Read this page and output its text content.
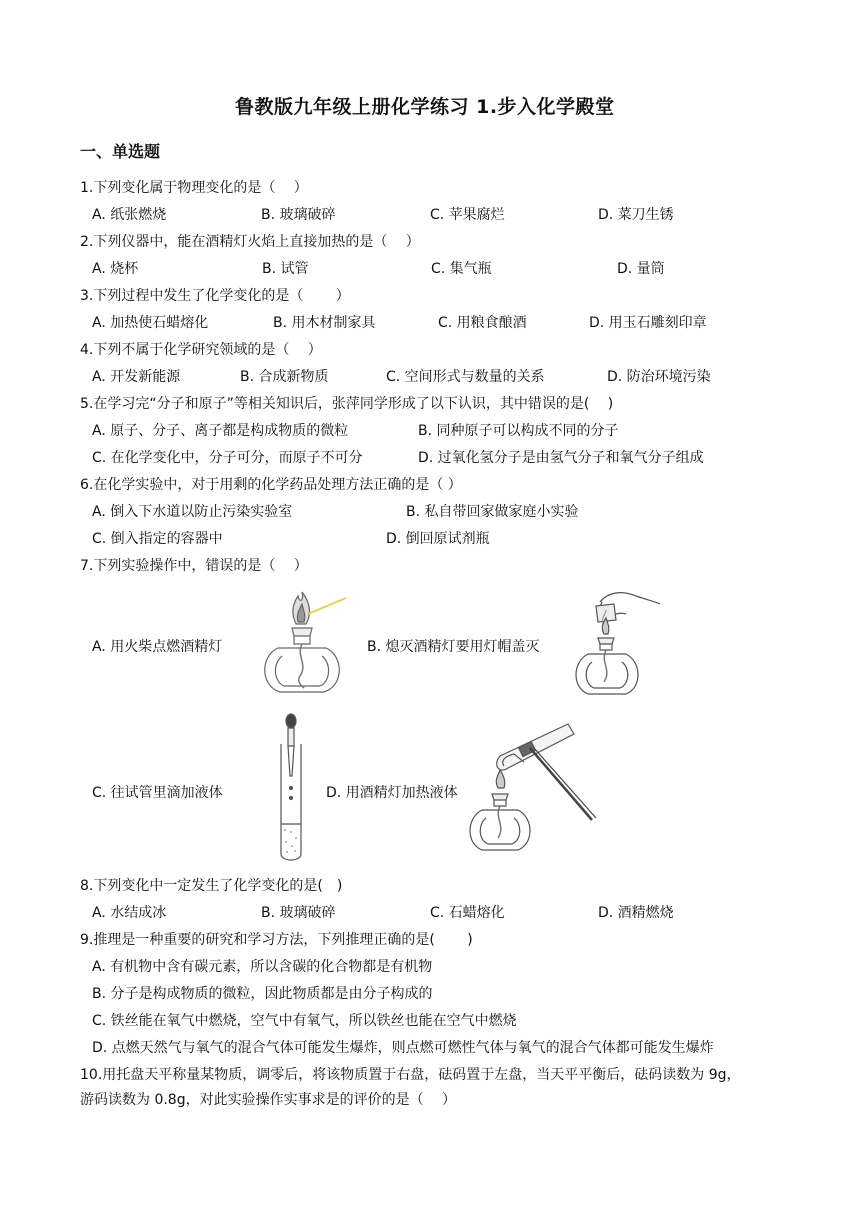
鲁教版九年级上册化学练习 1.步入化学殿堂
一、单选题
1.下列变化属于物理变化的是（　 ）
A. 纸张燃烧	B. 玻璃破碎	C. 苹果腐烂	D. 菜刀生锈
2.下列仪器中，能在酒精灯火焰上直接加热的是（　 ）
A. 烧杯	B. 试管	C. 集气瓶	D. 量筒
3.下列过程中发生了化学变化的是（　　 ）
A. 加热使石蜡熔化	B. 用木材制家具	C. 用粮食酿酒	D. 用玉石雕刻印章
4.下列不属于化学研究领域的是（　 ）
A. 开发新能源	B. 合成新物质	C. 空间形式与数量的关系	D. 防治环境污染
5.在学习完“分子和原子”等相关知识后，张萍同学形成了以下认识，其中错误的是(　 )
A. 原子、分子、离子都是构成物质的微粒	B. 同种原子可以构成不同的分子
C. 在化学变化中，分子可分，而原子不可分	D. 过氧化氢分子是由氢气分子和氧气分子组成
6.在化学实验中，对于用剩的化学药品处理方法正确的是（ ）
A. 倒入下水道以防止污染实验室	B. 私自带回家做家庭小实验
C. 倒入指定的容器中	D. 倒回原试剂瓶
7.下列实验操作中，错误的是（　 ）
A. 用火柴点燃酒精灯	B. 熄灭酒精灯要用灯帽盖灭
C. 往试管里滴加液体	D. 用酒精灯加热液体
8.下列变化中一定发生了化学变化的是(　)
A. 水结成冰	B. 玻璃破碎	C. 石蜡熔化	D. 酒精燃烧
9.推理是一种重要的研究和学习方法，下列推理正确的是(　　 )
A. 有机物中含有碳元素，所以含碳的化合物都是有机物
B. 分子是构成物质的微粒，因此物质都是由分子构成的
C. 铁丝能在氧气中燃烧，空气中有氧气，所以铁丝也能在空气中燃烧
D. 点燃天然气与氧气的混合气体可能发生爆炸，则点燃可燃性气体与氧气的混合气体都可能发生爆炸
10.用托盘天平称量某物质，调零后，将该物质置于右盘，砝码置于左盘，当天平平衡后，砝码读数为 9g，
游码读数为 0.8g，对此实验操作实事求是的评价的是（　 ）
